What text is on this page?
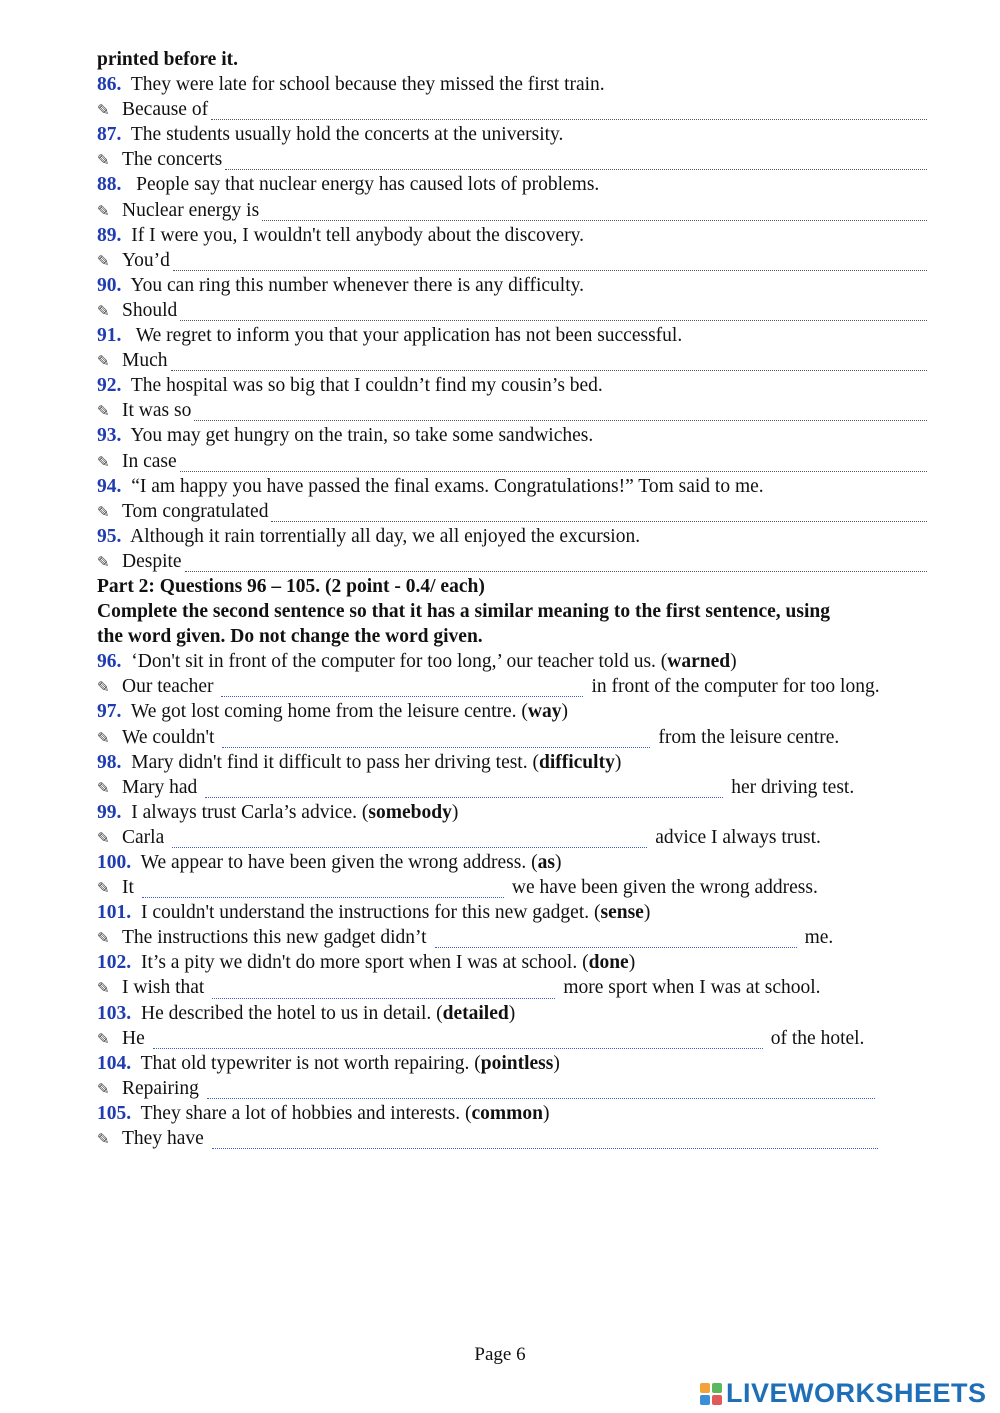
printed before it.
86. They were late for school because they missed the first train.
✎ Because of
87. The students usually hold the concerts at the university.
✎ The concerts
88. People say that nuclear energy has caused lots of problems.
✎ Nuclear energy is
89. If I were you, I wouldn't tell anybody about the discovery.
✎ You’d
90. You can ring this number whenever there is any difficulty.
✎ Should
91. We regret to inform you that your application has not been successful.
✎ Much
92. The hospital was so big that I couldn’t find my cousin’s bed.
✎ It was so
93. You may get hungry on the train, so take some sandwiches.
✎ In case
94. “I am happy you have passed the final exams. Congratulations!” Tom said to me.
✎ Tom congratulated
95. Although it rain torrentially all day, we all enjoyed the excursion.
✎ Despite
Part 2: Questions 96 – 105. (2 point - 0.4/ each)
Complete the second sentence so that it has a similar meaning to the first sentence, using
the word given. Do not change the word given.
96. ‘Don't sit in front of the computer for too long,’ our teacher told us. ( warned )
✎ Our teacher	in front of the computer for too long.
97. We got lost coming home from the leisure centre. ( way )
✎ We couldn't	from the leisure centre.
98. Mary didn't find it difficult to pass her driving test. ( difficulty )
✎ Mary had	her driving test.
99. I always trust Carla’s advice. ( somebody )
✎ Carla	advice I always trust.
100. We appear to have been given the wrong address. ( as )
✎ It	we have been given the wrong address.
101. I couldn't understand the instructions for this new gadget. ( sense )
✎ The instructions this new gadget didn’t	me.
102. It’s a pity we didn't do more sport when I was at school. ( done )
✎ I wish that	more sport when I was at school.
103. He described the hotel to us in detail. ( detailed )
✎ He	of the hotel.
104. That old typewriter is not worth repairing. ( pointless )
✎ Repairing
105. They share a lot of hobbies and interests. ( common )
✎ They have
Page 6
LIVEWORKSHEETS
